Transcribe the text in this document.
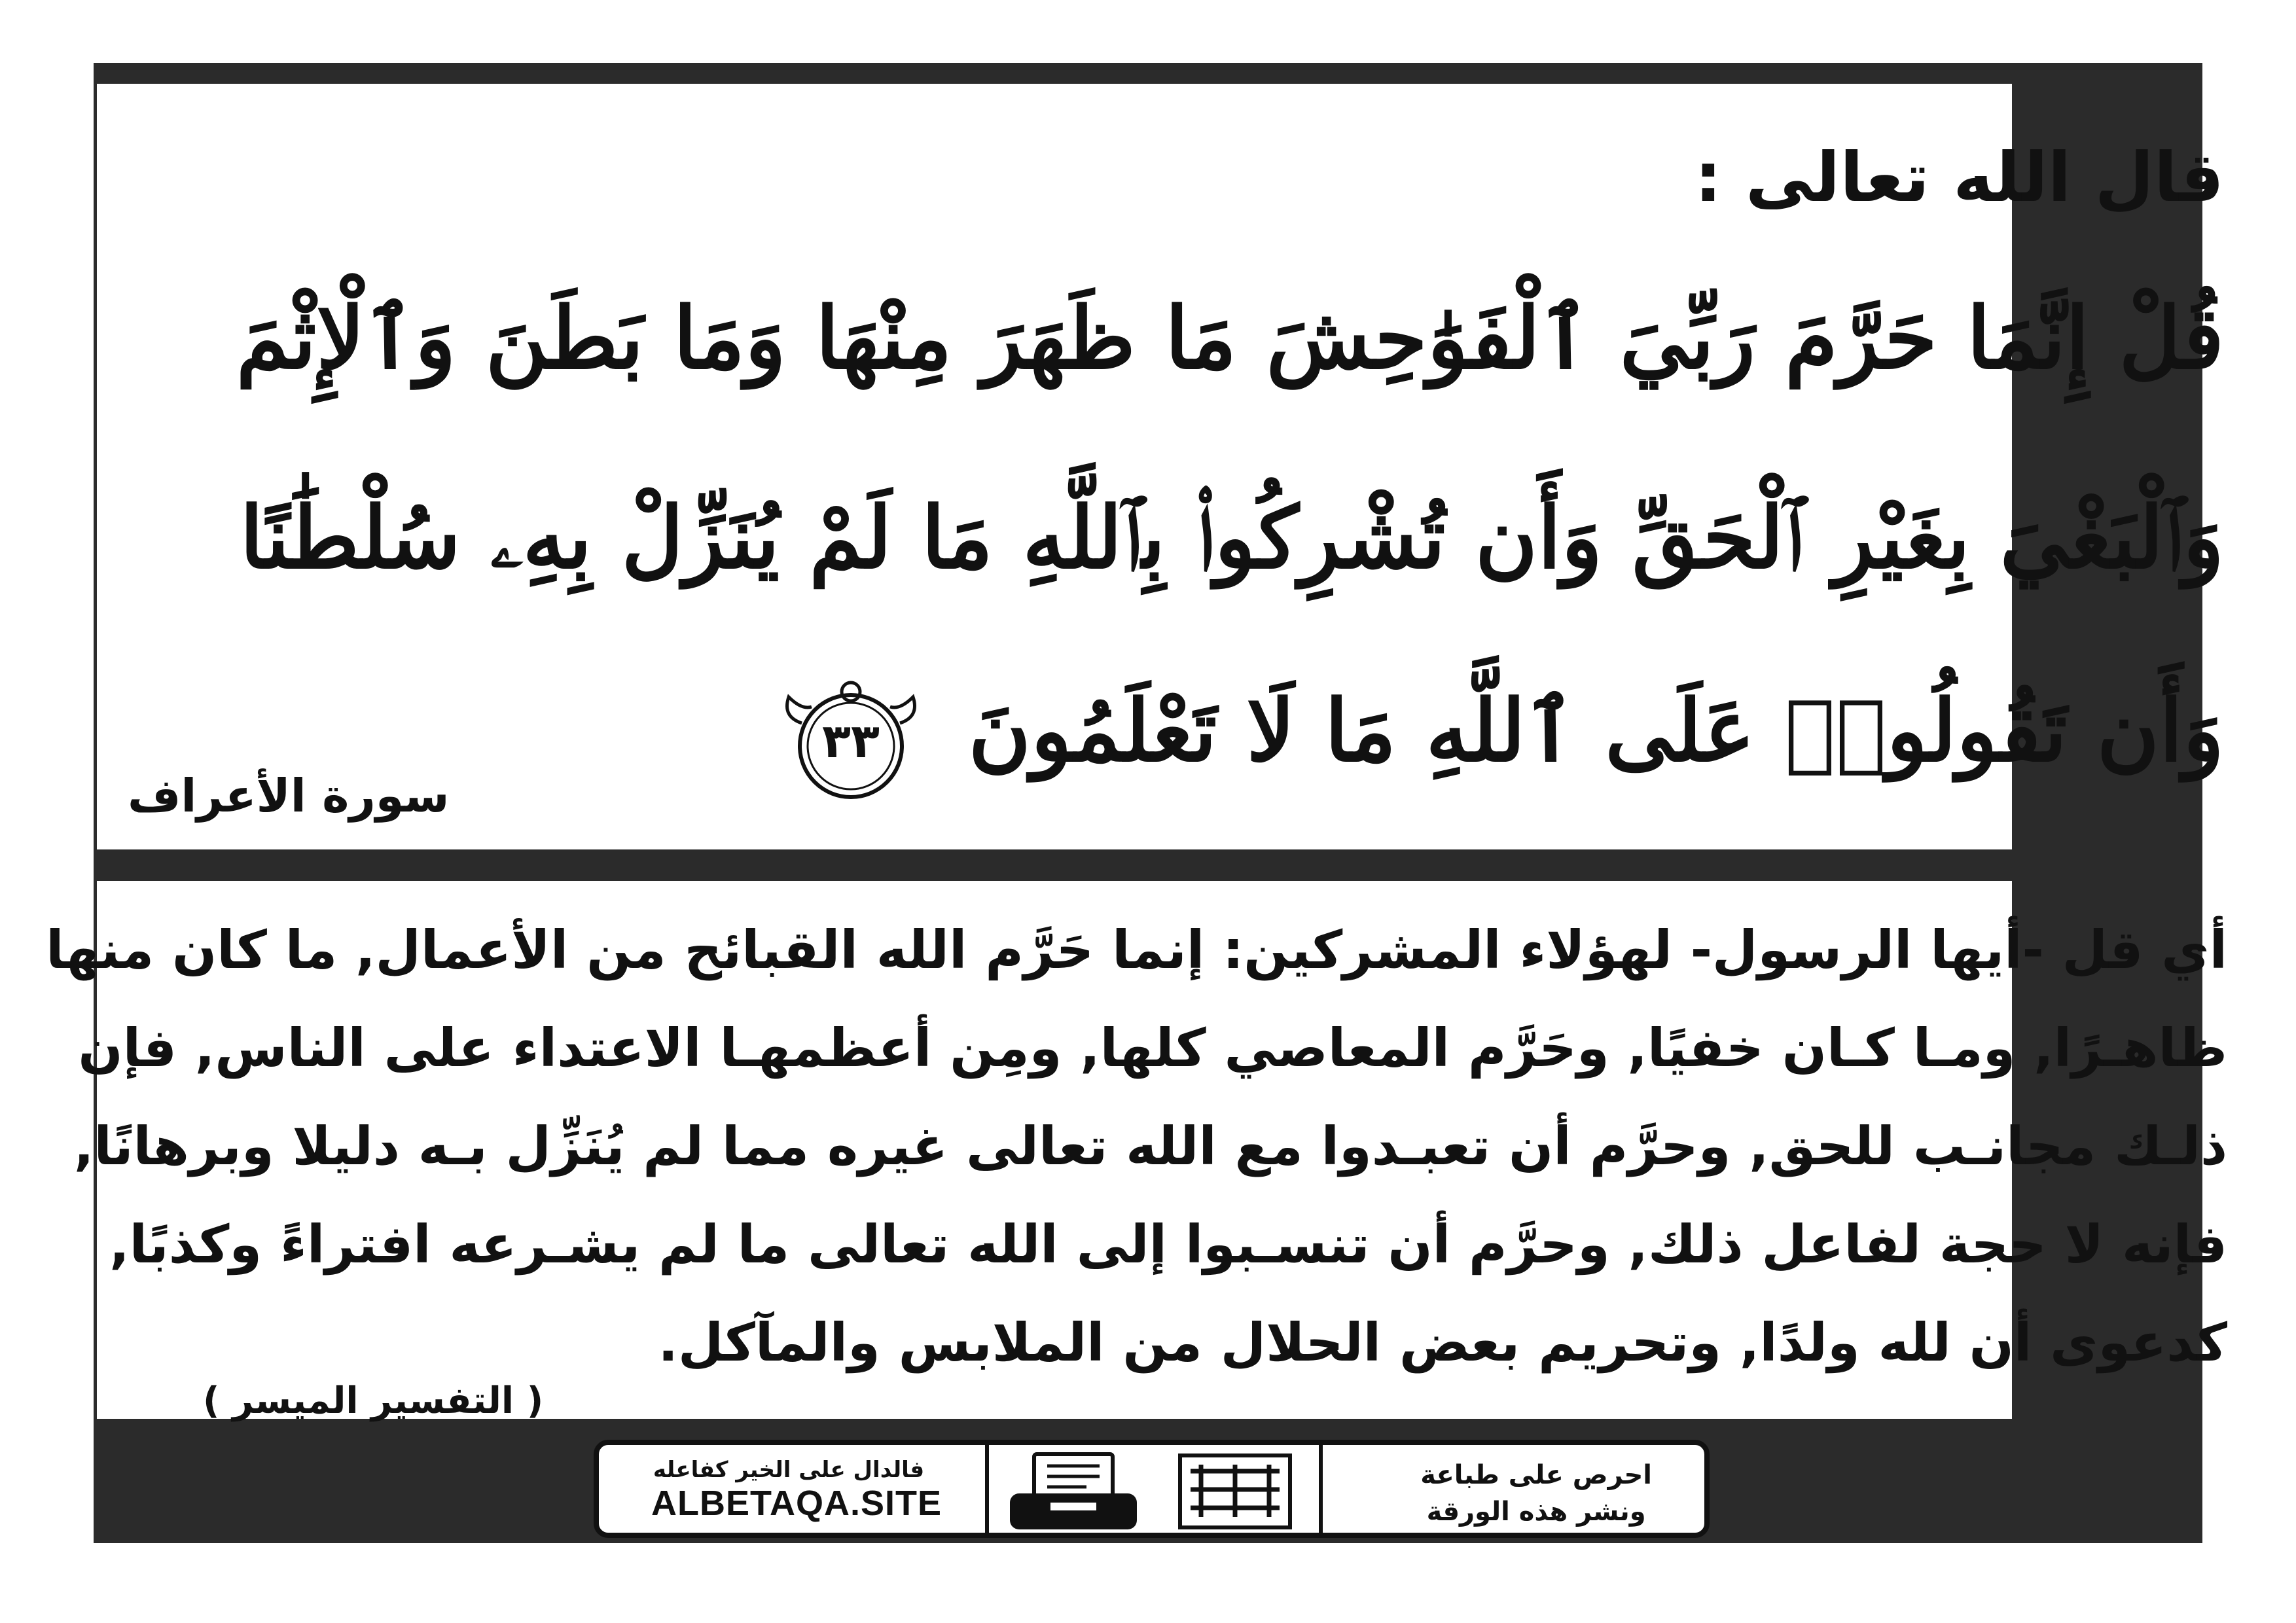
قال الله تعالى :
قُلْ إِنَّمَا حَرَّمَ رَبِّيَ ٱلْفَوَٰحِشَ مَا ظَهَرَ مِنْهَا وَمَا بَطَنَ وَٱلْإِثْمَ
وَٱلْبَغْيَ بِغَيْرِ ٱلْحَقِّ وَأَن تُشْرِكُوا۟ بِٱللَّهِ مَا لَمْ يُنَزِّلْ بِهِۦ سُلْطَٰنًا
وَأَن تَقُولُوا۟ عَلَى ٱللَّهِ مَا لَا تَعْلَمُونَ
٣٣
سورة الأعراف
أي قل -أيها الرسول- لهؤلاء المشركين: إنما حَرَّم الله القبائح من الأعمال, ما كان منها
ظاهـرًا, ومـا كـان خفيًا, وحَرَّم المعاصي كلها, ومِن أعظمهـا الاعتداء على الناس, فإن
ذلـك مجانـب للحق, وحرَّم أن تعبـدوا مع الله تعالى غيره مما لم يُنَزِّل بـه دليلا وبرهانًا,
فإنه لا حجة لفاعل ذلك, وحرَّم أن تنسـبوا إلى الله تعالى ما لم يشـرعه افتراءً وكذبًا,
كدعوى أن لله ولدًا, وتحريم بعض الحلال من الملابس والمآكل.
( التفسير الميسر )
احرص على طباعة
ونشر هذه الورقة
فالدال على الخير كفاعله
ALBETAQA.SITE
